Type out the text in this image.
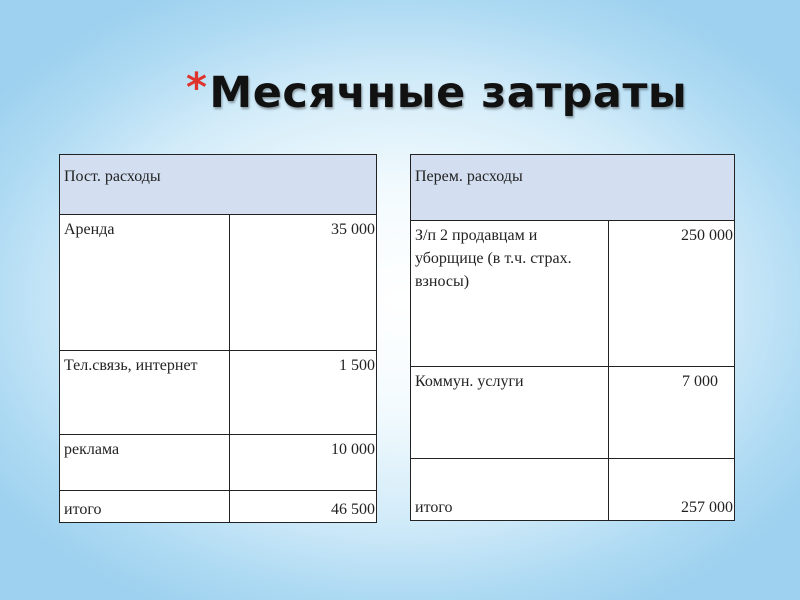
*Месячные затраты
Пост. расходы	
Аренда	35 000
Тел.связь, интернет	1 500
реклама	10 000
итого	46 500
Перем. расходы	
З/п 2 продавцам и уборщице (в т.ч. страх. взносы)	250 000
Коммун. услуги	7 000
итого	257 000
